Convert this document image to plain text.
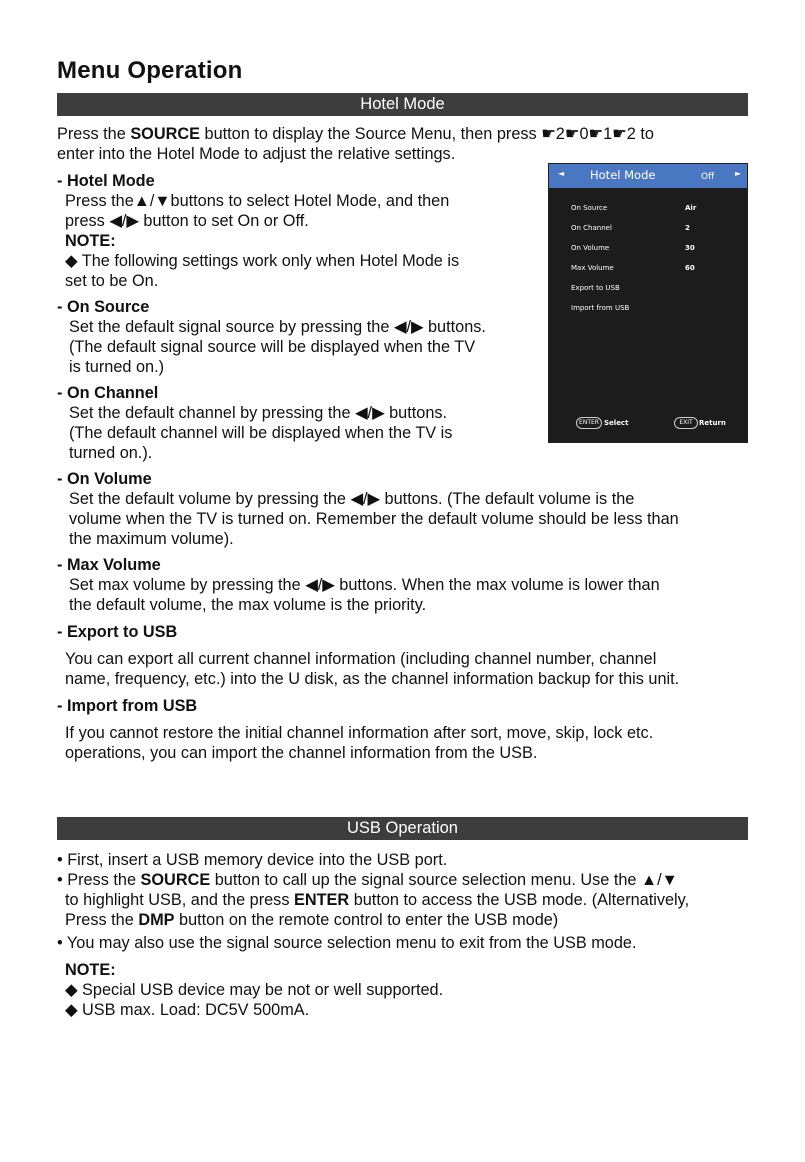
Menu Operation
Hotel Mode
Press the SOURCE button to display the Source Menu, then press ☛2☛0☛1☛2 to
enter into the Hotel Mode to adjust the relative settings.
- Hotel Mode
Press the▲/▼buttons to select Hotel Mode, and then
press ◀/▶ button to set On or Off.
NOTE:
◆ The following settings work only when Hotel Mode is
set to be On.
- On Source
Set the default signal source by pressing the ◀/▶ buttons.
(The default signal source will be displayed when the TV
is turned on.)
- On Channel
Set the default channel by pressing the ◀/▶ buttons.
(The default channel will be displayed when the TV is
turned on.).
- On Volume
Set the default volume by pressing the ◀/▶ buttons. (The default volume is the
volume when the TV is turned on. Remember the default volume should be less than
the maximum volume).
- Max Volume
Set max volume by pressing the ◀/▶ buttons. When the max volume is lower than
the default volume, the max volume is the priority.
- Export to USB
You can export all current channel information (including channel number, channel
name, frequency, etc.) into the U disk, as the channel information backup for this unit.
- Import from USB
If you cannot restore the initial channel information after sort, move, skip, lock etc.
operations, you can import the channel information from the USB.
◄ Hotel Mode	Off	►
On Source	Air
On Channel	2
On Volume	30
Max Volume	60
Export to USB
Import from USB
ENTER Select	EXIT Return
USB Operation
• First, insert a USB memory device into the USB port.
• Press the SOURCE button to call up the signal source selection menu. Use the ▲/▼
to highlight USB, and the press ENTER button to access the USB mode. (Alternatively,
Press the DMP button on the remote control to enter the USB mode)
• You may also use the signal source selection menu to exit from the USB mode.
NOTE:
◆ Special USB device may be not or well supported.
◆ USB max. Load: DC5V 500mA.
